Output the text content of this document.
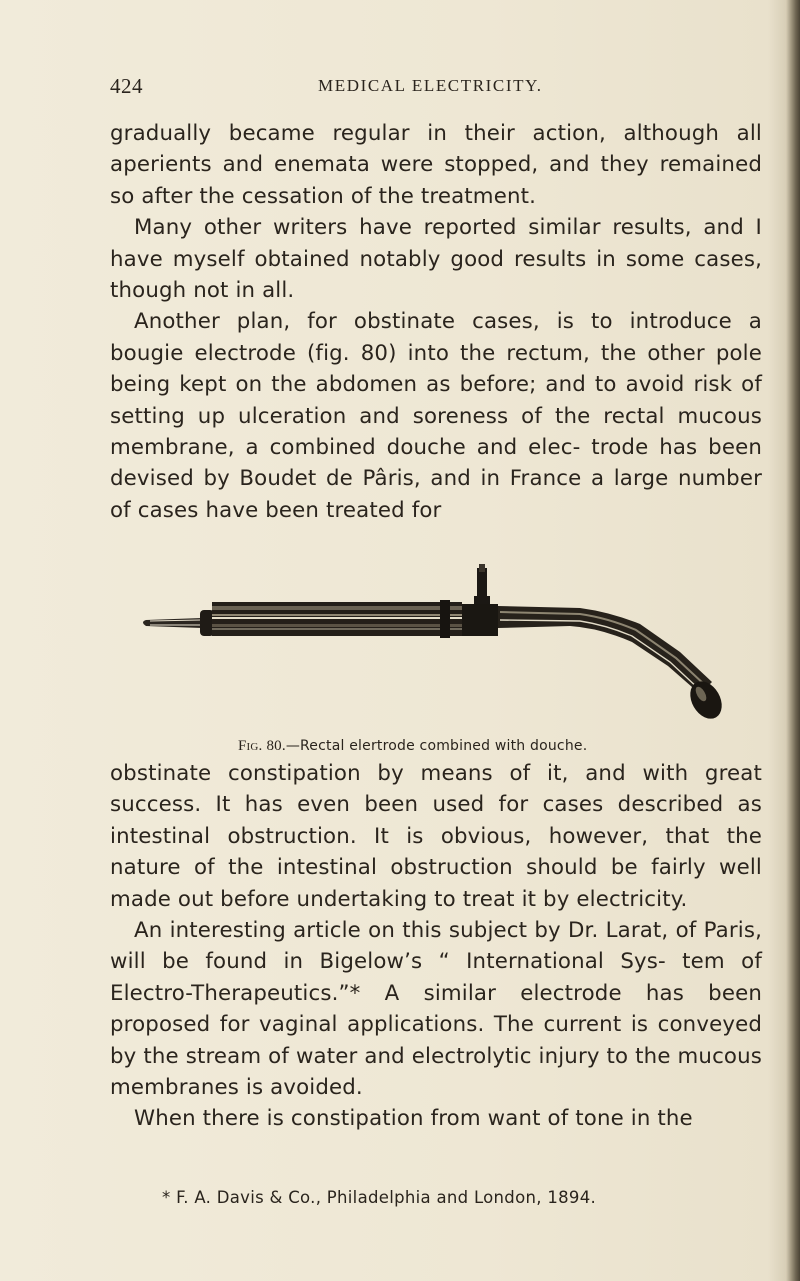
424	MEDICAL ELECTRICITY.

gradually became regular in their action, although all aperients and enemata were stopped, and they remained so after the cessation of the treatment.

Many other writers have reported similar results, and I have myself obtained notably good results in some cases, though not in all.

Another plan, for obstinate cases, is to introduce a bougie electrode (fig. 80) into the rectum, the other pole being kept on the abdomen as before; and to avoid risk of setting up ulceration and soreness of the rectal mucous membrane, a combined douche and elec- trode has been devised by Boudet de Pâris, and in France a large number of cases have been treated for

Fig. 80.—Rectal elertrode combined with douche.

obstinate constipation by means of it, and with great success. It has even been used for cases described as intestinal obstruction. It is obvious, however, that the nature of the intestinal obstruction should be fairly well made out before undertaking to treat it by electricity.

An interesting article on this subject by Dr. Larat, of Paris, will be found in Bigelow’s “ International Sys- tem of Electro-Therapeutics.”* A similar electrode has been proposed for vaginal applications. The current is conveyed by the stream of water and electrolytic injury to the mucous membranes is avoided.

When there is constipation from want of tone in the

* F. A. Davis & Co., Philadelphia and London, 1894.
